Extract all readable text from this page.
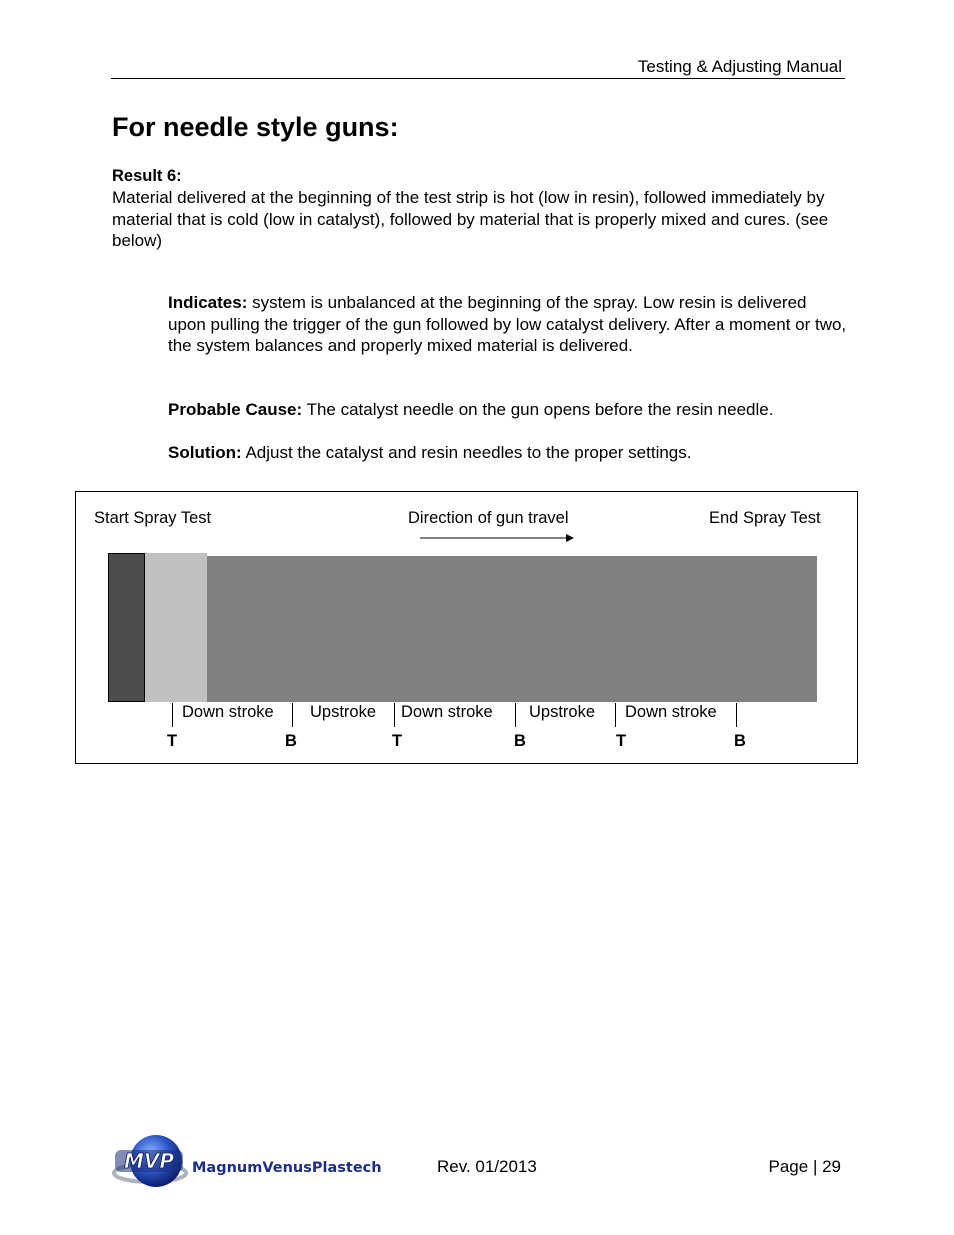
Testing & Adjusting Manual
For needle style guns:
Result 6:
Material delivered at the beginning of the test strip is hot (low in resin), followed immediately by material that is cold (low in catalyst), followed by material that is properly mixed and cures. (see below)
Indicates: system is unbalanced at the beginning of the spray. Low resin is delivered upon pulling the trigger of the gun followed by low catalyst delivery. After a moment or two, the system balances and properly mixed material is delivered.
Probable Cause: The catalyst needle on the gun opens before the resin needle.
Solution: Adjust the catalyst and resin needles to the proper settings.
Start Spray Test	Direction of gun travel	End Spray Test
Down stroke Upstroke Down stroke Upstroke Down stroke
T	B	T	B	T	B
MVP MagnumVenusPlastech	Rev. 01/2013	Page | 29
